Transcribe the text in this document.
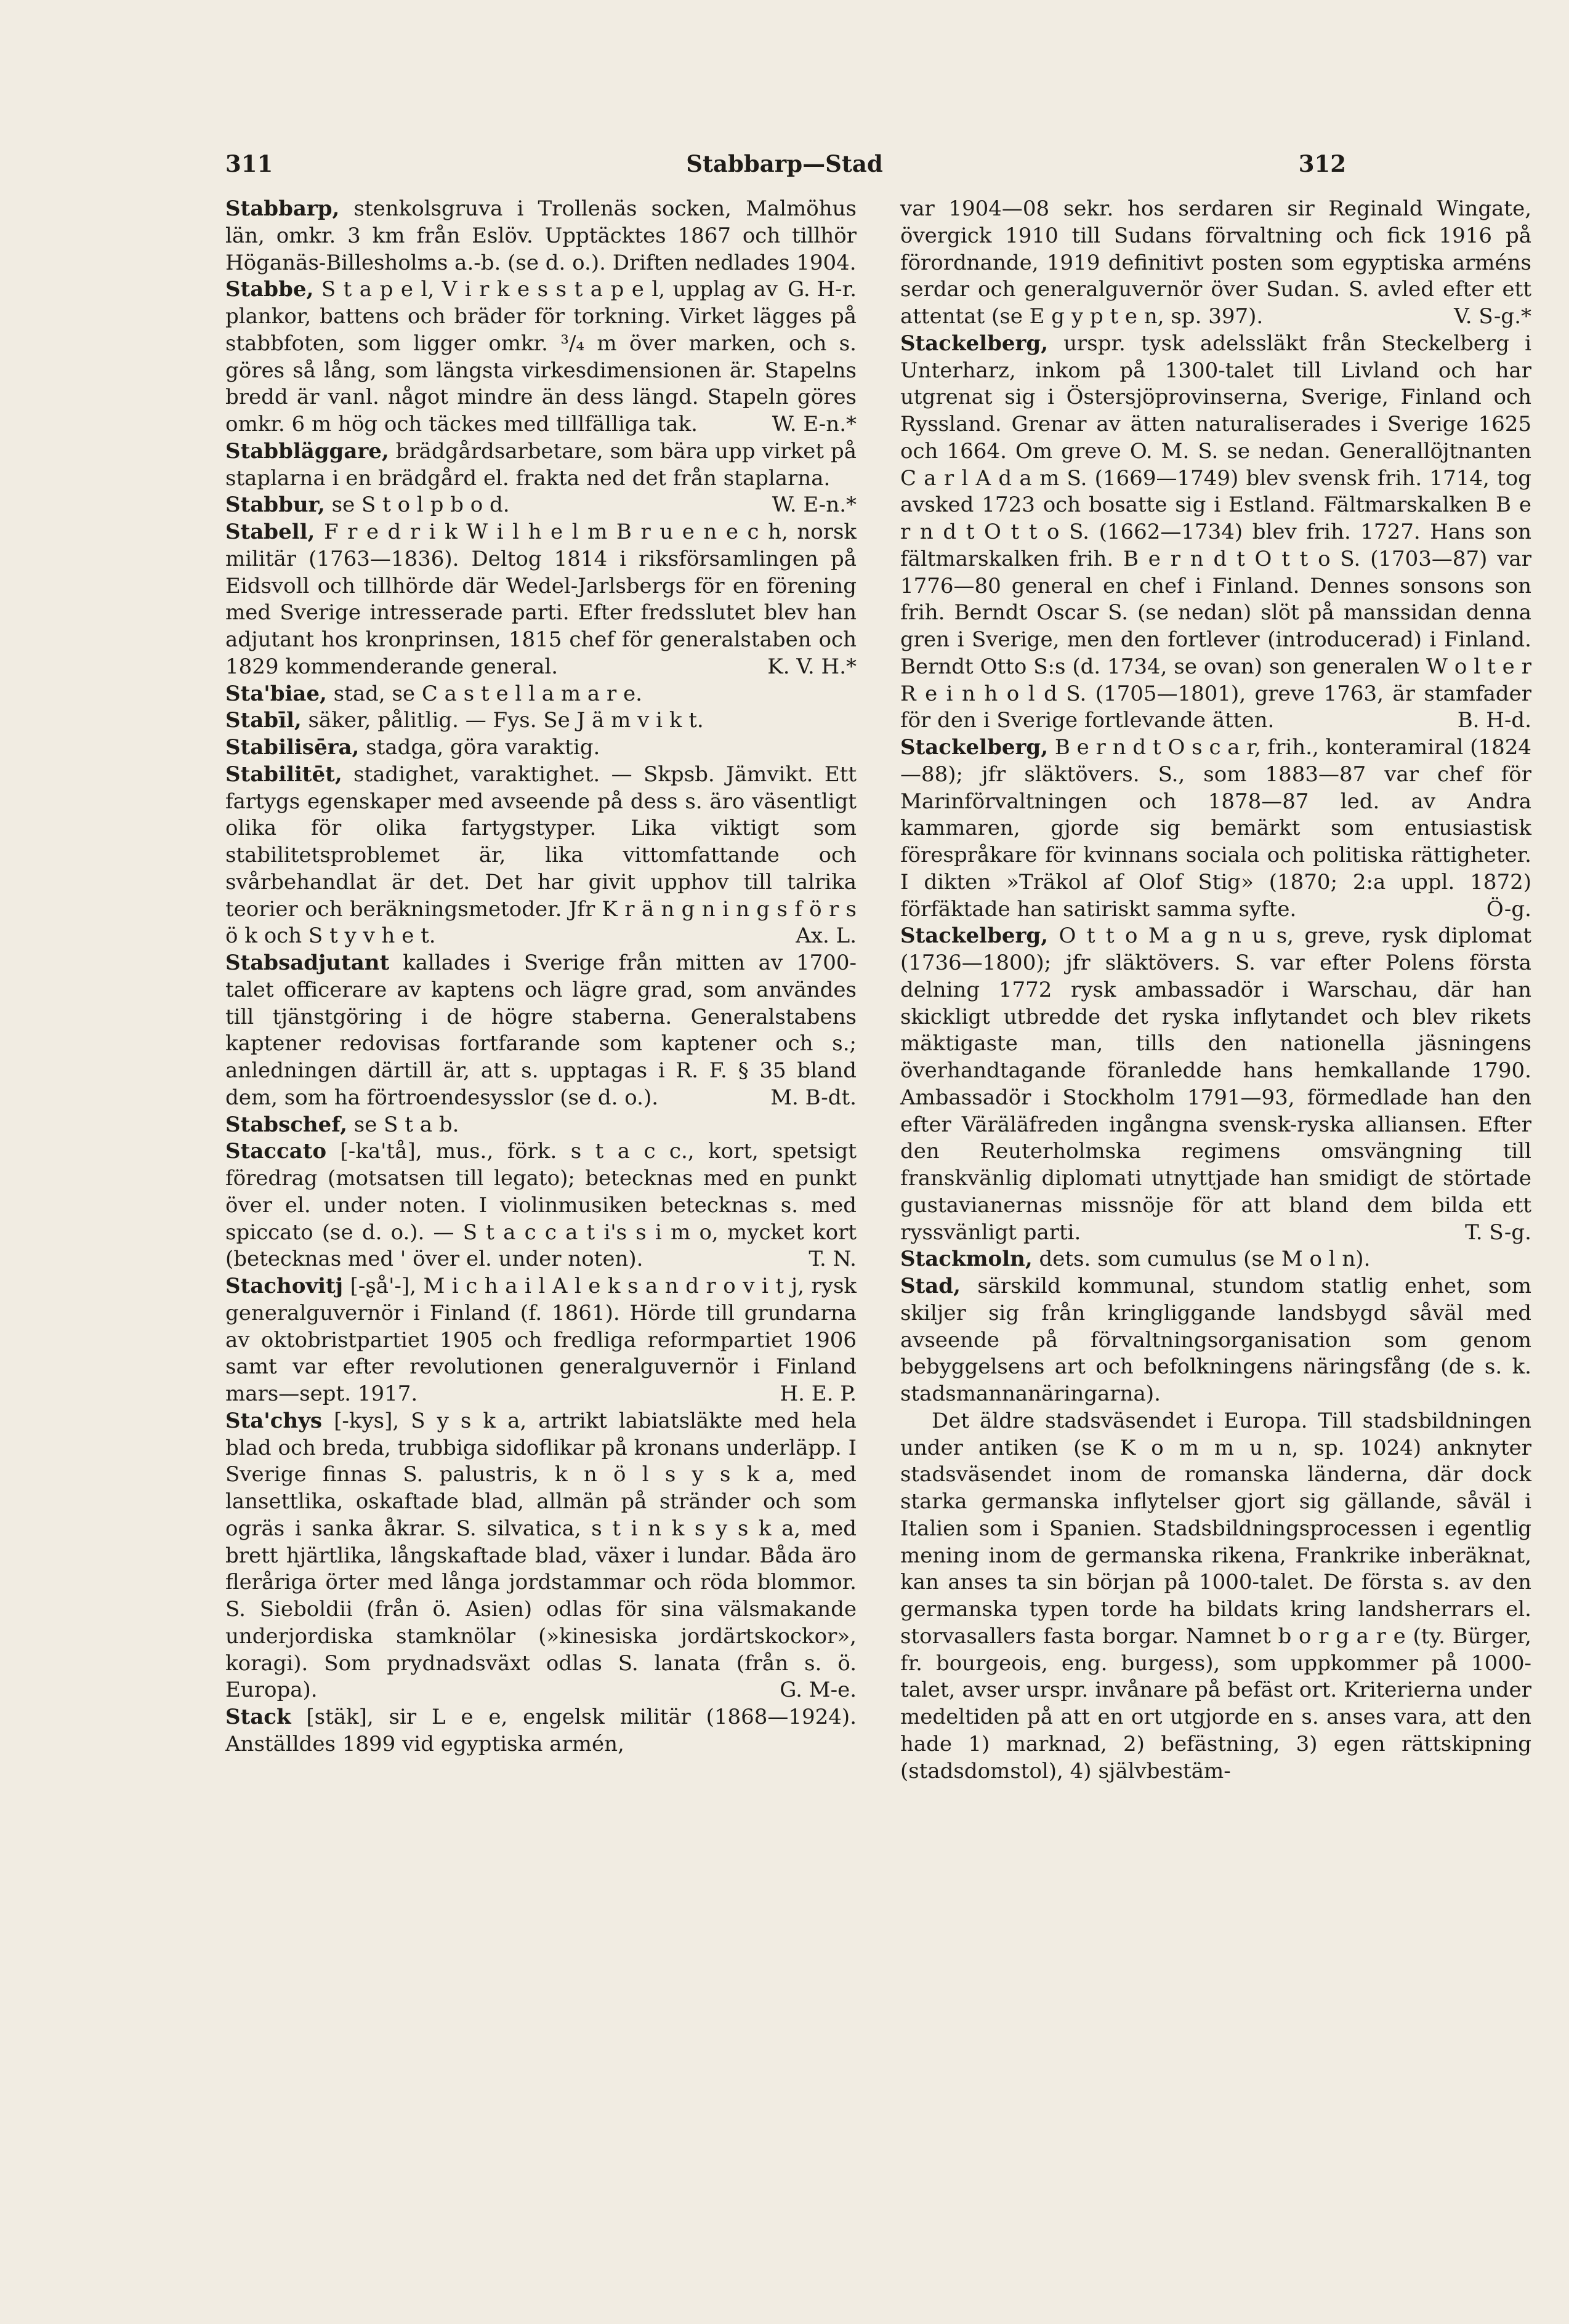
311	Stabbarp—Stad	312

Stabbarp, stenkolsgruva i Trollenäs socken, Malmöhus län, omkr. 3 km från Eslöv. Upptäcktes 1867 och tillhör Höganäs-Billesholms a.-b. (se d. o.). Driften nedlades 1904.
G. H-r.

Stabbe, S t a p e l, V i r k e s s t a p e l, upplag av plankor, battens och bräder för torkning. Virket lägges på stabbfoten, som ligger omkr. ³/₄ m över marken, och s. göres så lång, som längsta virkesdimensionen är. Stapelns bredd är vanl. något mindre än dess längd. Stapeln göres omkr. 6 m hög och täckes med tillfälliga tak.	W. E-n.*

Stabbläggare, brädgårdsarbetare, som bära upp virket på staplarna i en brädgård el. frakta ned det från staplarna.
W. E-n.*

Stabbur, se S t o l p b o d.

Stabell, F r e d r i k W i l h e l m B r u e n e c h, norsk militär (1763—1836). Deltog 1814 i riksförsamlingen på Eidsvoll och tillhörde där Wedel-Jarlsbergs för en förening med Sverige intresserade parti. Efter fredsslutet blev han adjutant hos kronprinsen, 1815 chef för generalstaben och 1829 kommenderande general.	K. V. H.*

Sta'biae, stad, se C a s t e l l a m a r e.

Stabīl, säker, pålitlig. — Fys. Se J ä m v i k t.

Stabilisēra, stadga, göra varaktig.

Stabilitēt, stadighet, varaktighet. — Skpsb. Jämvikt. Ett fartygs egenskaper med avseende på dess s. äro väsentligt olika för olika fartygstyper. Lika viktigt som stabilitetsproblemet är, lika vittomfattande och svårbehandlat är det. Det har givit upphov till talrika teorier och beräkningsmetoder. Jfr K r ä n g n i n g s f ö r s ö k och S t y v h e t.	Ax. L.

Stabsadjutant kallades i Sverige från mitten av 1700-talet officerare av kaptens och lägre grad, som användes till tjänstgöring i de högre staberna. Generalstabens kaptener redovisas fortfarande som kaptener och s.; anledningen därtill är, att s. upptagas i R. F. § 35 bland dem, som ha förtroendesysslor (se d. o.).	M. B-dt.

Stabschef, se S t a b.

Staccato [-ka'tå], mus., förk. s t a c c., kort, spetsigt föredrag (motsatsen till legato); betecknas med en punkt över el. under noten. I violinmusiken betecknas s. med spiccato (se d. o.). — S t a c c a t i's s i m o, mycket kort (betecknas med ' över el. under noten).	T. N.

Stachovitj [-ʂå'-], M i c h a i l A l e k s a n d r o v i t j, rysk generalguvernör i Finland (f. 1861). Hörde till grundarna av oktobristpartiet 1905 och fredliga reformpartiet 1906 samt var efter revolutionen generalguvernör i Finland mars—sept. 1917.	H. E. P.

Sta'chys [-kys], S y s k a, artrikt labiatsläkte med hela blad och breda, trubbiga sidoflikar på kronans underläpp. I Sverige finnas S. palustris, k n ö l s y s k a, med lansettlika, oskaftade blad, allmän på stränder och som ogräs i sanka åkrar. S. silvatica, s t i n k s y s k a, med brett hjärtlika, långskaftade blad, växer i lundar. Båda äro fleråriga örter med långa jordstammar och röda blommor. S. Sieboldii (från ö. Asien) odlas för sina välsmakande underjordiska stamknölar (»kinesiska jordärtskockor», koragi). Som prydnadsväxt odlas S. lanata (från s. ö. Europa).	G. M-e.

Stack [stäk], sir L e e, engelsk militär (1868—1924). Anställdes 1899 vid egyptiska armén,

var 1904—08 sekr. hos serdaren sir Reginald Wingate, övergick 1910 till Sudans förvaltning och fick 1916 på förordnande, 1919 definitivt posten som egyptiska arméns serdar och generalguvernör över Sudan. S. avled efter ett attentat (se E g y p t e n, sp. 397).	V. S-g.*

Stackelberg, urspr. tysk adelssläkt från Steckelberg i Unterharz, inkom på 1300-talet till Livland och har utgrenat sig i Östersjöprovinserna, Sverige, Finland och Ryssland. Grenar av ätten naturaliserades i Sverige 1625 och 1664. Om greve O. M. S. se nedan. Generallöjtnanten C a r l A d a m S. (1669—1749) blev svensk frih. 1714, tog avsked 1723 och bosatte sig i Estland. Fältmarskalken B e r n d t O t t o S. (1662—1734) blev frih. 1727. Hans son fältmarskalken frih. B e r n d t O t t o S. (1703—87) var 1776—80 general en chef i Finland. Dennes sonsons son frih. Berndt Oscar S. (se nedan) slöt på manssidan denna gren i Sverige, men den fortlever (introducerad) i Finland. Berndt Otto S:s (d. 1734, se ovan) son generalen W o l t e r R e i n h o l d S. (1705—1801), greve 1763, är stamfader för den i Sverige fortlevande ätten.	B. H-d.

Stackelberg, B e r n d t O s c a r, frih., konteramiral (1824—88); jfr släktövers. S., som 1883—87 var chef för Marinförvaltningen och 1878—87 led. av Andra kammaren, gjorde sig bemärkt som entusiastisk förespråkare för kvinnans sociala och politiska rättigheter. I dikten »Träkol af Olof Stig» (1870; 2:a uppl. 1872) förfäktade han satiriskt samma syfte.	Ö-g.

Stackelberg, O t t o M a g n u s, greve, rysk diplomat (1736—1800); jfr släktövers. S. var efter Polens första delning 1772 rysk ambassadör i Warschau, där han skickligt utbredde det ryska inflytandet och blev rikets mäktigaste man, tills den nationella jäsningens överhandtagande föranledde hans hemkallande 1790. Ambassadör i Stockholm 1791—93, förmedlade han den efter Väräläfreden ingångna svensk-ryska alliansen. Efter den Reuterholmska regimens omsvängning till franskvänlig diplomati utnyttjade han smidigt de störtade gustavianernas missnöje för att bland dem bilda ett ryssvänligt parti.	T. S-g.

Stackmoln, dets. som cumulus (se M o l n).

Stad, särskild kommunal, stundom statlig enhet, som skiljer sig från kringliggande landsbygd såväl med avseende på förvaltningsorganisation som genom bebyggelsens art och befolkningens näringsfång (de s. k. stadsmannanäringarna).

Det äldre stadsväsendet i Europa. Till stadsbildningen under antiken (se K o m m u n, sp. 1024) anknyter stadsväsendet inom de romanska länderna, där dock starka germanska inflytelser gjort sig gällande, såväl i Italien som i Spanien. Stadsbildningsprocessen i egentlig mening inom de germanska rikena, Frankrike inberäknat, kan anses ta sin början på 1000-talet. De första s. av den germanska typen torde ha bildats kring landsherrars el. storvasallers fasta borgar. Namnet b o r g a r e (ty. Bürger, fr. bourgeois, eng. burgess), som uppkommer på 1000-talet, avser urspr. invånare på befäst ort. Kriterierna under medeltiden på att en ort utgjorde en s. anses vara, att den hade 1) marknad, 2) befästning, 3) egen rättskipning (stadsdomstol), 4) självbestäm-
